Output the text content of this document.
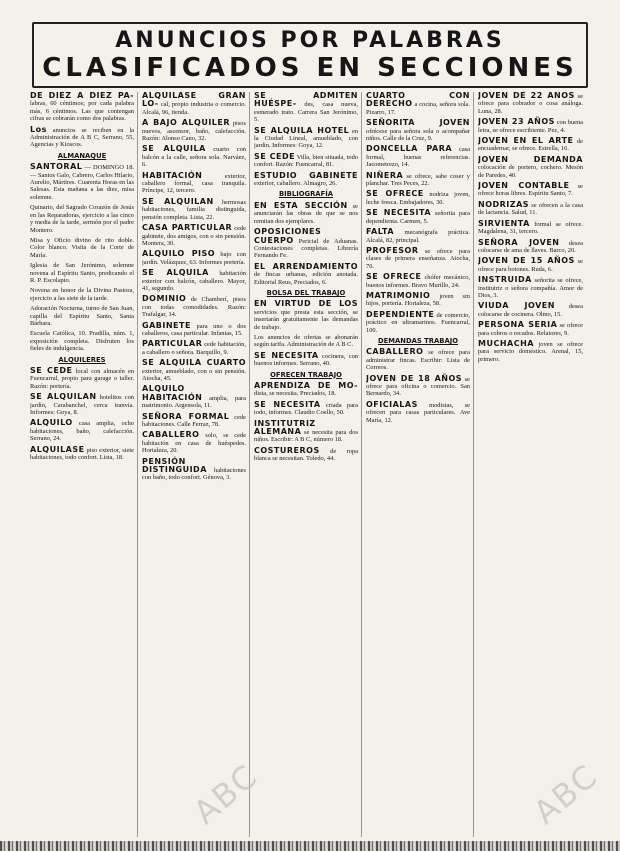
ANUNCIOS POR PALABRAS
CLASIFICADOS EN SECCIONES

DE DIEZ A DIEZ PA- labras, 60 céntimos; por cada palabra más, 6 céntimos. Las que contengan cifras se cobrarán como dos palabras.

Los anuncios se reciben en la Administración de A B C, Serrano, 55, Agencias y Kioscos.

ALMANAQUE

SANTORAL — DOMINGO 18. — Santos Galo, Cabrero, Carlos Hilario, Aurelio, Mártires. Cuarenta Horas en las Salesas. Esta mañana a las diez, misa solemne.

Quinario, del Sagrado Corazón de Jesús en las Reparadoras, ejercicio a las cinco y media de la tarde, sermón por el padre Montero.

Misa y Oficio divino de rito doble. Color blanco. Visita de la Corte de María.

Iglesia de San Jerónimo, solemne novena al Espíritu Santo, predicando el R. P. Escolapio.

Novena en honor de la Divina Pastora, ejercicio a las siete de la tarde.

Adoración Nocturna, turno de San Juan, capilla del Espíritu Santo, Santa Bárbara.

Escuela Católica, 10. Pradilla, núm. 1, exposición completa. Disfruten los fieles de indulgencia.

ALQUILERES

SE CEDE local con almacén en Fuencarral, propio para garage o taller. Razón: portería.

SE ALQUILAN hotelitos con jardín, Carabanchel, cerca tranvía. Informes: Goya, 8.

ALQUILO casa amplia, ocho habitaciones, baño, calefacción. Serrano, 24.

ALQUILASE piso exterior, siete habitaciones, todo confort. Lista, 18.

ALQUILASE GRAN LO- cal, propio industria o comercio. Alcalá, 96, tienda.

A BAJO ALQUILER pisos nuevos, ascensor, baño, calefacción. Razón: Alonso Cano, 32.

SE ALQUILA cuarto con balcón a la calle, señora sola. Narváez, 6.

HABITACIÓN	exterior, caballero formal, casa tranquila. Príncipe, 12, tercero.

SE ALQUILAN hermosas habitaciones, familia distinguida, pensión completa. Lista, 22.

CASA PARTICULAR cede gabinete, dos amigos, con o sin pensión. Montera, 30.

ALQUILO PISO bajo con jardín. Velázquez, 63. Informes portería.

SE ALQUILA habitación exterior con balcón, caballero. Mayor, 41, segundo.

DOMINIO de Chamberí, pisos con todas comodidades. Razón: Trafalgar, 14.

GABINETE para uno o dos caballeros, casa particular. Infantas, 15.

PARTICULAR cede habitación, a caballero o señora. Barquillo, 9.

SE ALQUILA CUARTO exterior, amueblado, con o sin pensión. Atocha, 45.

ALQUILO HABITACIÓN amplia, para matrimonio. Argensola, 11.

SEÑORA FORMAL cede habitaciones. Calle Ferraz, 78.

CABALLERO solo, se cede habitación en casa de huéspedes. Hortaleza, 20.

PENSIÓN DISTINGUIDA habitaciones con baño, todo confort. Génova, 3.

SE ADMITEN HUÉSPE- des, casa nueva, esmerado trato. Carrera San Jerónimo, 5.

SE ALQUILA HOTEL en la Ciudad Lineal, amueblado, con jardín. Informes: Goya, 12.

SE CEDE Villa, bien situada, todo confort. Razón: Fuencarral, 81.

ESTUDIO GABINETE exterior, caballero. Almagro, 26.

BIBLIOGRAFÍA

EN ESTA SECCIÓN se anunciarán las obras de que se nos remitan dos ejemplares.

OPOSICIONES CUERPO Pericial de Aduanas. Contestaciones completas. Librería Fernando Fe.

EL ARRENDAMIENTO de fincas urbanas, edición anotada. Editorial Reus, Preciados, 6.

BOLSA DEL TRABAJO

EN VIRTUD DE LOS servicios que presta esta sección, se insertarán gratuitamente las demandas de trabajo.

Los anuncios de ofertas se abonarán según tarifa. Administración de A B C.

SE NECESITA cocinera, con buenos informes. Serrano, 40.

OFRECEN TRABAJO

APRENDIZA DE MO- dista, se necesita. Preciados, 18.

SE NECESITA criada para todo, informes. Claudio Coello, 50.

INSTITUTRIZ ALEMANA se necesita para dos niños. Escribir: A B C, número 18.

COSTUREROS de ropa blanca se necesitan. Toledo, 44.

CUARTO CON DERECHO a cocina, señora sola. Pizarro, 17.

SEÑORITA JOVEN ofrécese para señora sola o acompañar niños. Calle de la Cruz, 9.

DONCELLA PARA casa formal, buenas referencias. Jacometrezo, 14.

NIÑERA se ofrece, sabe coser y planchar. Tres Peces, 22.

SE OFRECE nodriza joven, leche fresca. Embajadores, 30.

SE NECESITA señorita para dependienta. Carmen, 5.

FALTA mecanógrafa práctica. Alcalá, 82, principal.

PROFESOR se ofrece para clases de primera enseñanza. Atocha, 70.

SE OFRECE chófer mecánico, buenos informes. Bravo Murillo, 24.

MATRIMONIO joven sin hijos, portería. Hortaleza, 58.

DEPENDIENTE de comercio, práctico en ultramarinos. Fuencarral, 100.

DEMANDAS TRABAJO

CABALLERO se ofrece para administrar fincas. Escribir: Lista de Correos.

JOVEN DE 18 AÑOS se ofrece para oficina o comercio. San Bernardo, 34.

OFICIALAS modistas, se ofrecen para casas particulares. Ave María, 12.

JOVEN DE 22 AÑOS se ofrece para cobrador o cosa análoga. Luna, 28.

JOVEN 23 AÑOS con buena letra, se ofrece escribiente. Pez, 4.

JOVEN EN EL ARTE de encuadernar, se ofrece. Estrella, 16.

JOVEN DEMANDA colocación de portero, cochero. Mesón de Paredes, 40.

JOVEN CONTABLE se ofrece horas libres. Espíritu Santo, 7.

NODRIZAS se ofrecen a la casa de lactancia. Salud, 11.

SIRVIENTA formal se ofrece. Magdalena, 31, tercero.

SEÑORA JOVEN desea colocarse de ama de llaves. Barco, 20.

JOVEN DE 15 AÑOS se ofrece para botones. Ruda, 6.

INSTRUIDA señorita se ofrece, institutriz o señora compañía. Amor de Dios, 3.

VIUDA JOVEN desea colocarse de cocinera. Olmo, 15.

PERSONA SERIA se ofrece para cobros o recados. Relatores, 9.

MUCHACHA joven se ofrece para servicio doméstico. Arenal, 15, primero.

ABC	ABC
